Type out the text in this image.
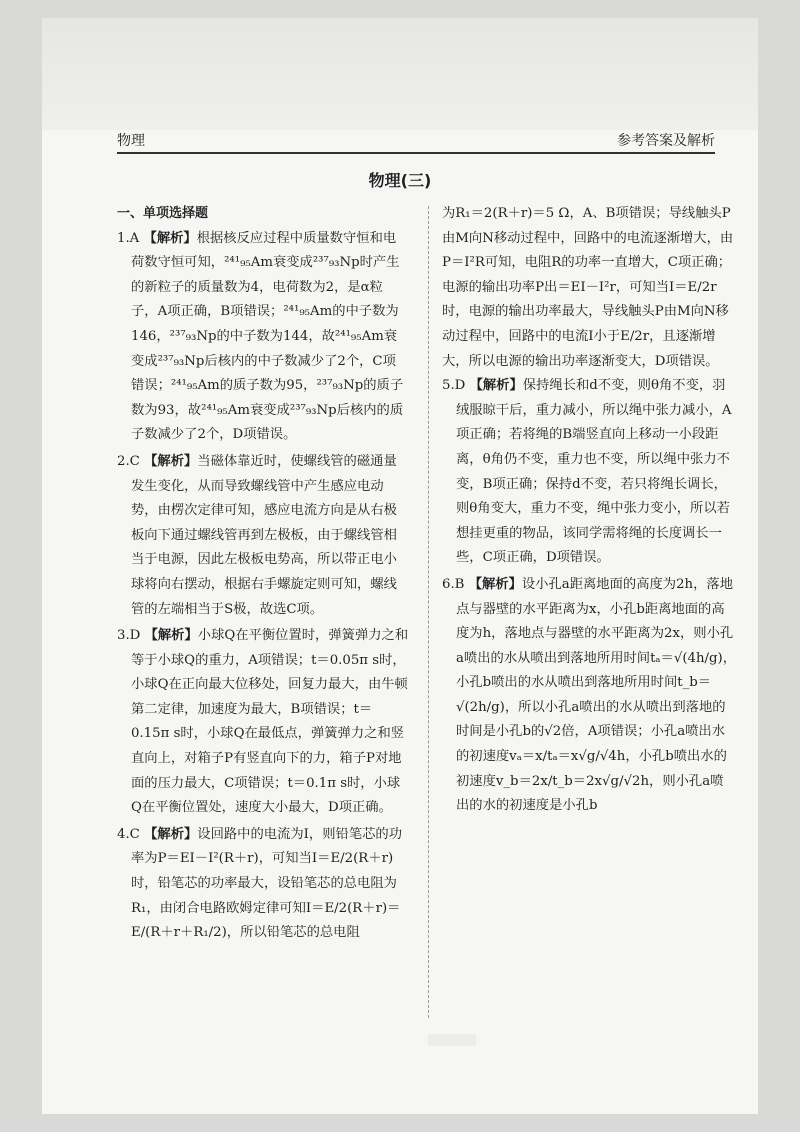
物理	参考答案及解析
物理(三)
一、单项选择题
1.A 【解析】根据核反应过程中质量数守恒和电荷数守恒可知，²⁴¹₉₅Am衰变成²³⁷₉₃Np时产生的新粒子的质量数为4，电荷数为2，是α粒子，A项正确，B项错误；²⁴¹₉₅Am的中子数为146，²³⁷₉₃Np的中子数为144，故²⁴¹₉₅Am衰变成²³⁷₉₃Np后核内的中子数减少了2个，C项错误；²⁴¹₉₅Am的质子数为95，²³⁷₉₃Np的质子数为93，故²⁴¹₉₅Am衰变成²³⁷₉₃Np后核内的质子数减少了2个，D项错误。
2.C 【解析】当磁体靠近时，使螺线管的磁通量发生变化，从而导致螺线管中产生感应电动势，由楞次定律可知，感应电流方向是从右极板向下通过螺线管再到左极板，由于螺线管相当于电源，因此左极板电势高，所以带正电小球将向右摆动，根据右手螺旋定则可知，螺线管的左端相当于S极，故选C项。
3.D 【解析】小球Q在平衡位置时，弹簧弹力之和等于小球Q的重力，A项错误；t＝0.05π s时，小球Q在正向最大位移处，回复力最大，由牛顿第二定律，加速度为最大，B项错误；t＝0.15π s时，小球Q在最低点，弹簧弹力之和竖直向上，对箱子P有竖直向下的力，箱子P对地面的压力最大，C项错误；t＝0.1π s时，小球Q在平衡位置处，速度大小最大，D项正确。
4.C 【解析】设回路中的电流为I，则铅笔芯的功率为P＝EI－I²(R＋r)，可知当I＝E/2(R＋r)时，铅笔芯的功率最大，设铅笔芯的总电阻为R₁，由闭合电路欧姆定律可知I＝E/2(R＋r)＝E/(R＋r＋R₁/2)，所以铅笔芯的总电阻
为R₁＝2(R＋r)＝5 Ω，A、B项错误；导线触头P由M向N移动过程中，回路中的电流逐渐增大，由P＝I²R可知，电阻R的功率一直增大，C项正确；电源的输出功率P出＝EI－I²r，可知当I＝E/2r时，电源的输出功率最大，导线触头P由M向N移动过程中，回路中的电流I小于E/2r，且逐渐增大，所以电源的输出功率逐渐变大，D项错误。
5.D 【解析】保持绳长和d不变，则θ角不变，羽绒服晾干后，重力减小，所以绳中张力减小，A项正确；若将绳的B端竖直向上移动一小段距离，θ角仍不变，重力也不变，所以绳中张力不变，B项正确；保持d不变，若只将绳长调长，则θ角变大，重力不变，绳中张力变小，所以若想挂更重的物品，该同学需将绳的长度调长一些，C项正确，D项错误。
6.B 【解析】设小孔a距离地面的高度为2h，落地点与器壁的水平距离为x，小孔b距离地面的高度为h，落地点与器壁的水平距离为2x，则小孔a喷出的水从喷出到落地所用时间tₐ＝√(4h/g)，小孔b喷出的水从喷出到落地所用时间t_b＝√(2h/g)，所以小孔a喷出的水从喷出到落地的时间是小孔b的√2倍，A项错误；小孔a喷出水的初速度vₐ＝x/tₐ＝x√g/√4h，小孔b喷出水的初速度v_b＝2x/t_b＝2x√g/√2h，则小孔a喷出的水的初速度是小孔b
